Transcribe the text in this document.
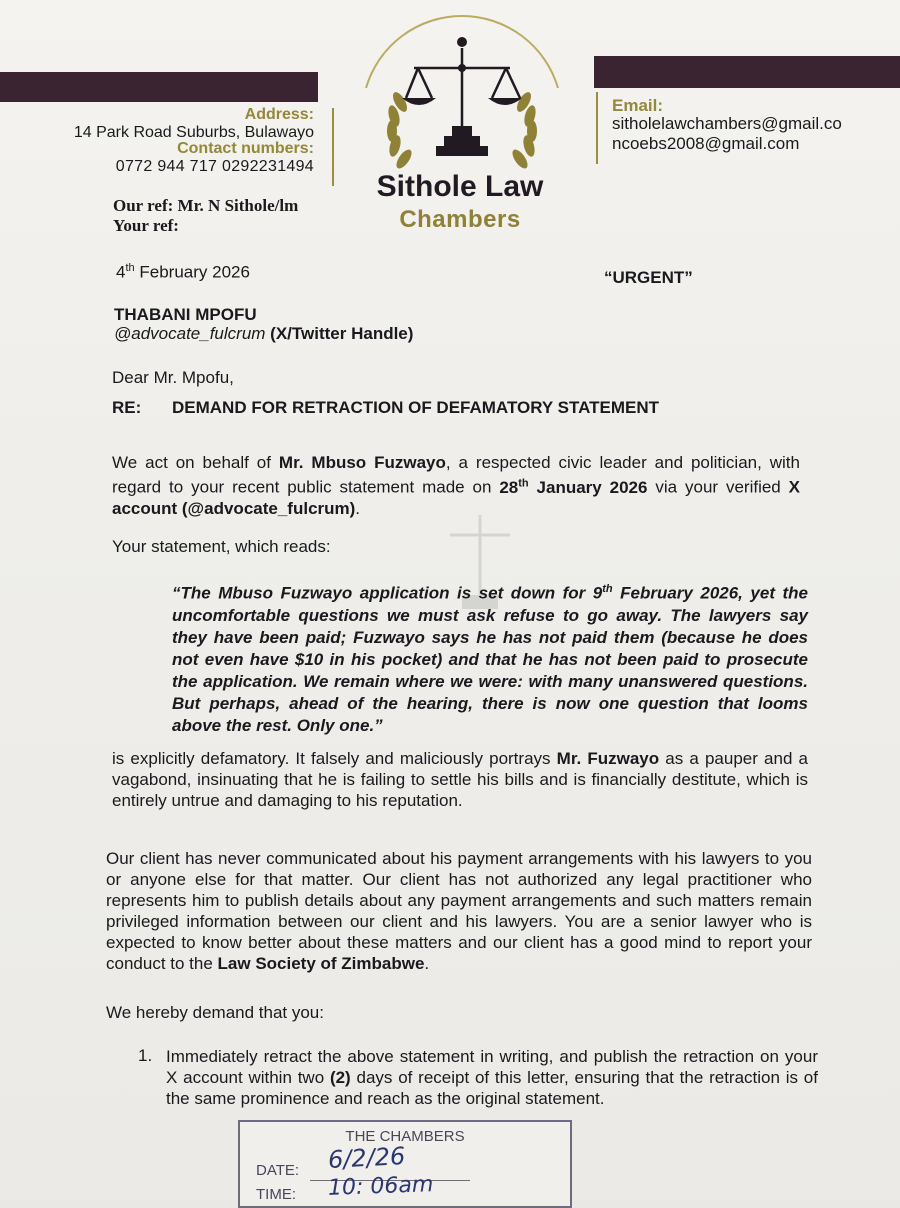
Address:
14 Park Road Suburbs, Bulawayo
Contact numbers:
0772 944 717 0292231494
Email:
sitholelawchambers@gmail.co
ncoebs2008@gmail.com
Sithole Law
Chambers
Our ref: Mr. N Sithole/lm
Your ref:
4th February 2026	“URGENT”
THABANI MPOFU
@advocate_fulcrum (X/Twitter Handle)
Dear Mr. Mpofu,
RE: DEMAND FOR RETRACTION OF DEFAMATORY STATEMENT
We act on behalf of Mr. Mbuso Fuzwayo, a respected civic leader and politician, with regard to your recent public statement made on 28th January 2026 via your verified X account (@advocate_fulcrum).
Your statement, which reads:
“The Mbuso Fuzwayo application is set down for 9th February 2026, yet the uncomfortable questions we must ask refuse to go away. The lawyers say they have been paid; Fuzwayo says he has not paid them (because he does not even have $10 in his pocket) and that he has not been paid to prosecute the application. We remain where we were: with many unanswered questions. But perhaps, ahead of the hearing, there is now one question that looms above the rest. Only one.”
is explicitly defamatory. It falsely and maliciously portrays Mr. Fuzwayo as a pauper and a vagabond, insinuating that he is failing to settle his bills and is financially destitute, which is entirely untrue and damaging to his reputation.
Our client has never communicated about his payment arrangements with his lawyers to you or anyone else for that matter. Our client has not authorized any legal practitioner who represents him to publish details about any payment arrangements and such matters remain privileged information between our client and his lawyers. You are a senior lawyer who is expected to know better about these matters and our client has a good mind to report your conduct to the Law Society of Zimbabwe.
We hereby demand that you:
1. Immediately retract the above statement in writing, and publish the retraction on your X account within two (2) days of receipt of this letter, ensuring that the retraction is of the same prominence and reach as the original statement.
THE CHAMBERS
DATE: 6/2/26
TIME: 10: 06am
